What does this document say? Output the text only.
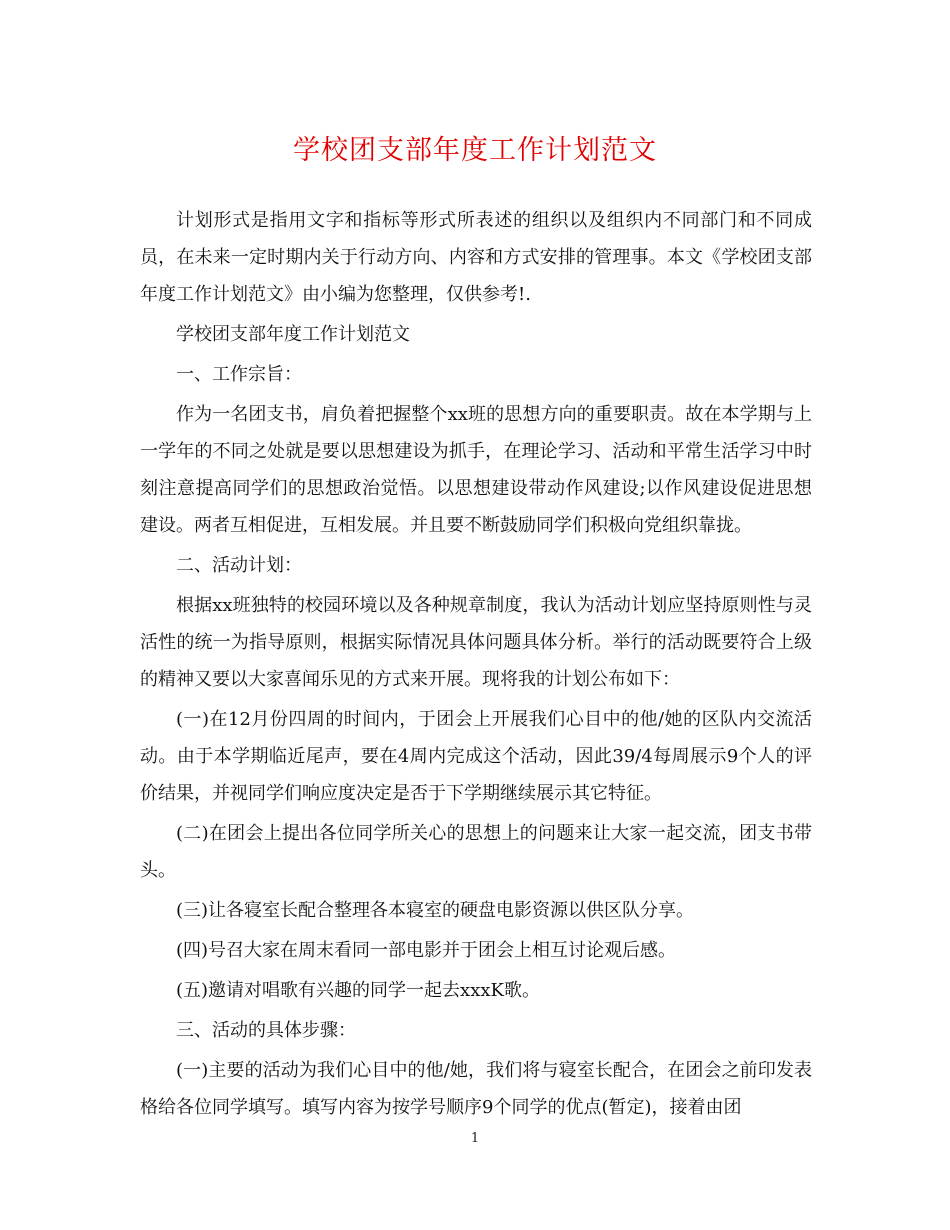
学校团支部年度工作计划范文

计划形式是指用文字和指标等形式所表述的组织以及组织内不同部门和不同成员，在未来一定时期内关于行动方向、内容和方式安排的管理事。本文《学校团支部年度工作计划范文》由小编为您整理，仅供参考!.

学校团支部年度工作计划范文

一、工作宗旨：

作为一名团支书，肩负着把握整个xx班的思想方向的重要职责。故在本学期与上一学年的不同之处就是要以思想建设为抓手，在理论学习、活动和平常生活学习中时刻注意提高同学们的思想政治觉悟。以思想建设带动作风建设;以作风建设促进思想建设。两者互相促进，互相发展。并且要不断鼓励同学们积极向党组织靠拢。

二、活动计划：

根据xx班独特的校园环境以及各种规章制度，我认为活动计划应坚持原则性与灵活性的统一为指导原则，根据实际情况具体问题具体分析。举行的活动既要符合上级的精神又要以大家喜闻乐见的方式来开展。现将我的计划公布如下：

(一)在12月份四周的时间内，于团会上开展我们心目中的他/她的区队内交流活动。由于本学期临近尾声，要在4周内完成这个活动，因此39/4每周展示9个人的评价结果，并视同学们响应度决定是否于下学期继续展示其它特征。

(二)在团会上提出各位同学所关心的思想上的问题来让大家一起交流，团支书带头。

(三)让各寝室长配合整理各本寝室的硬盘电影资源以供区队分享。

(四)号召大家在周末看同一部电影并于团会上相互讨论观后感。

(五)邀请对唱歌有兴趣的同学一起去xxxK歌。

三、活动的具体步骤：

(一)主要的活动为我们心目中的他/她，我们将与寝室长配合，在团会之前印发表格给各位同学填写。填写内容为按学号顺序9个同学的优点(暂定)，接着由团

1
